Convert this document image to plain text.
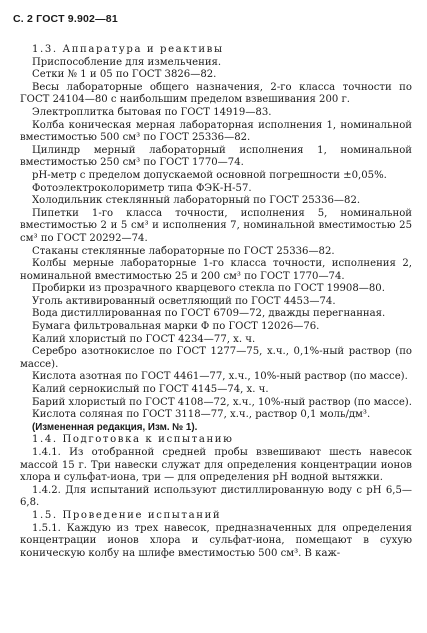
С. 2 ГОСТ 9.902—81

1.3. Аппаратура и реактивы

Приспособление для измельчения.

Сетки № 1 и 05 по ГОСТ 3826—82.

Весы лабораторные общего назначения, 2-го класса точности по ГОСТ 24104—80 с наибольшим пределом взвешивания 200 г.

Электроплитка бытовая по ГОСТ 14919—83.

Колба коническая мерная лабораторная исполнения 1, номинальной вместимостью 500 см³ по ГОСТ 25336—82.

Цилиндр мерный лабораторный исполнения 1, номинальной вместимостью 250 см³ по ГОСТ 1770—74.

pH-метр с пределом допускаемой основной погрешности ±0,05%.

Фотоэлектроколориметр типа ФЭК-Н-57.

Холодильник стеклянный лабораторный по ГОСТ 25336—82.

Пипетки 1-го класса точности, исполнения 5, номинальной вместимостью 2 и 5 см³ и исполнения 7, номинальной вместимостью 25 см³ по ГОСТ 20292—74.

Стаканы стеклянные лабораторные по ГОСТ 25336—82.

Колбы мерные лабораторные 1-го класса точности, исполнения 2, номинальной вместимостью 25 и 200 см³ по ГОСТ 1770—74.

Пробирки из прозрачного кварцевого стекла по ГОСТ 19908—80.

Уголь активированный осветляющий по ГОСТ 4453—74.

Вода дистиллированная по ГОСТ 6709—72, дважды перегнанная.

Бумага фильтровальная марки Ф по ГОСТ 12026—76.

Калий хлористый по ГОСТ 4234—77, х. ч.

Серебро азотнокислое по ГОСТ 1277—75, х.ч., 0,1%-ный раствор (по массе).

Кислота азотная по ГОСТ 4461—77, х.ч., 10%-ный раствор (по массе).

Калий сернокислый по ГОСТ 4145—74, х. ч.

Барий хлористый по ГОСТ 4108—72, х.ч., 10%-ный раствор (по массе).

Кислота соляная по ГОСТ 3118—77, х.ч., раствор 0,1 моль/дм³.

(Измененная редакция, Изм. № 1).

1.4. Подготовка к испытанию

1.4.1. Из отобранной средней пробы взвешивают шесть навесок массой 15 г. Три навески служат для определения концентрации ионов хлора и сульфат-иона, три — для определения pH водной вытяжки.

1.4.2. Для испытаний используют дистиллированную воду с pH 6,5—6,8.

1.5. Проведение испытаний

1.5.1. Каждую из трех навесок, предназначенных для определения концентрации ионов хлора и сульфат-иона, помещают в сухую коническую колбу на шлифе вместимостью 500 см³. В каж-
